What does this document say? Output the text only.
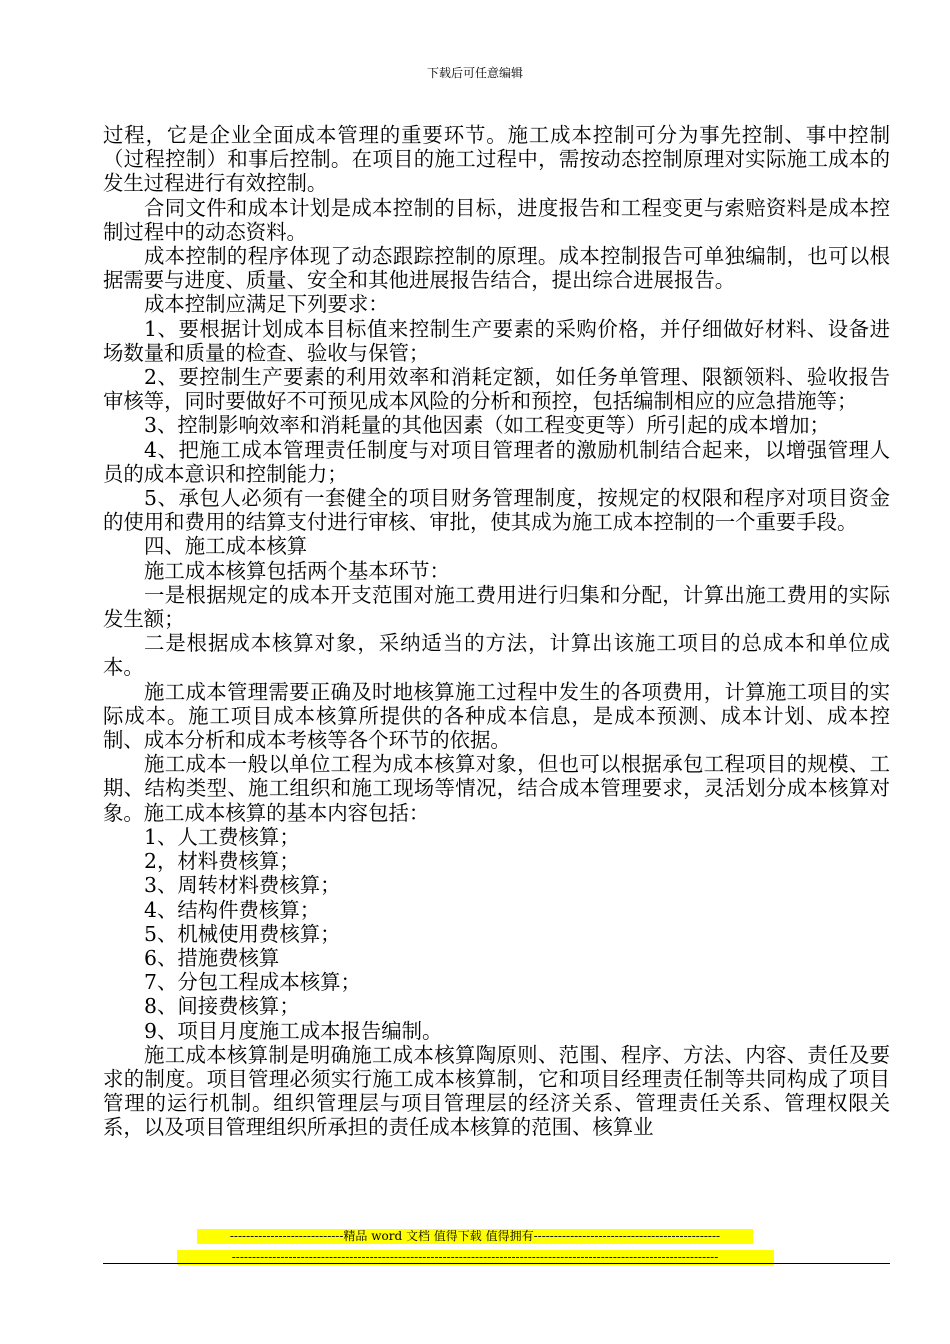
下载后可任意编辑

过程，它是企业全面成本管理的重要环节。施工成本控制可分为事先控制、事中控制（过程控制）和事后控制。在项目的施工过程中，需按动态控制原理对实际施工成本的发生过程进行有效控制。

合同文件和成本计划是成本控制的目标，进度报告和工程变更与索赔资料是成本控制过程中的动态资料。

成本控制的程序体现了动态跟踪控制的原理。成本控制报告可单独编制，也可以根据需要与进度、质量、安全和其他进展报告结合，提出综合进展报告。

成本控制应满足下列要求：

1、要根据计划成本目标值来控制生产要素的采购价格，并仔细做好材料、设备进场数量和质量的检查、验收与保管；

2、要控制生产要素的利用效率和消耗定额，如任务单管理、限额领料、验收报告审核等，同时要做好不可预见成本风险的分析和预控，包括编制相应的应急措施等；

3、控制影响效率和消耗量的其他因素（如工程变更等）所引起的成本增加；

4、把施工成本管理责任制度与对项目管理者的激励机制结合起来，以增强管理人员的成本意识和控制能力；

5、承包人必须有一套健全的项目财务管理制度，按规定的权限和程序对项目资金的使用和费用的结算支付进行审核、审批，使其成为施工成本控制的一个重要手段。

四、施工成本核算

施工成本核算包括两个基本环节：

一是根据规定的成本开支范围对施工费用进行归集和分配，计算出施工费用的实际发生额；

二是根据成本核算对象，采纳适当的方法，计算出该施工项目的总成本和单位成本。

施工成本管理需要正确及时地核算施工过程中发生的各项费用，计算施工项目的实际成本。施工项目成本核算所提供的各种成本信息，是成本预测、成本计划、成本控制、成本分析和成本考核等各个环节的依据。

施工成本一般以单位工程为成本核算对象，但也可以根据承包工程项目的规模、工期、结构类型、施工组织和施工现场等情况，结合成本管理要求，灵活划分成本核算对象。施工成本核算的基本内容包括：

1、人工费核算；

2，材料费核算；

3、周转材料费核算；

4、结构件费核算；

5、机械使用费核算；

6、措施费核算

7、分包工程成本核算；

8、间接费核算；

9、项目月度施工成本报告编制。

施工成本核算制是明确施工成本核算陶原则、范围、程序、方法、内容、责任及要求的制度。项目管理必须实行施工成本核算制，它和项目经理责任制等共同构成了项目管理的运行机制。组织管理层与项目管理层的经济关系、管理责任关系、管理权限关系，以及项目管理组织所承担的责任成本核算的范围、核算业

----------------------------精品 word 文档 值得下载 值得拥有----------------------------------------------
------------------------------------------------------------------------------------------------------------------------
